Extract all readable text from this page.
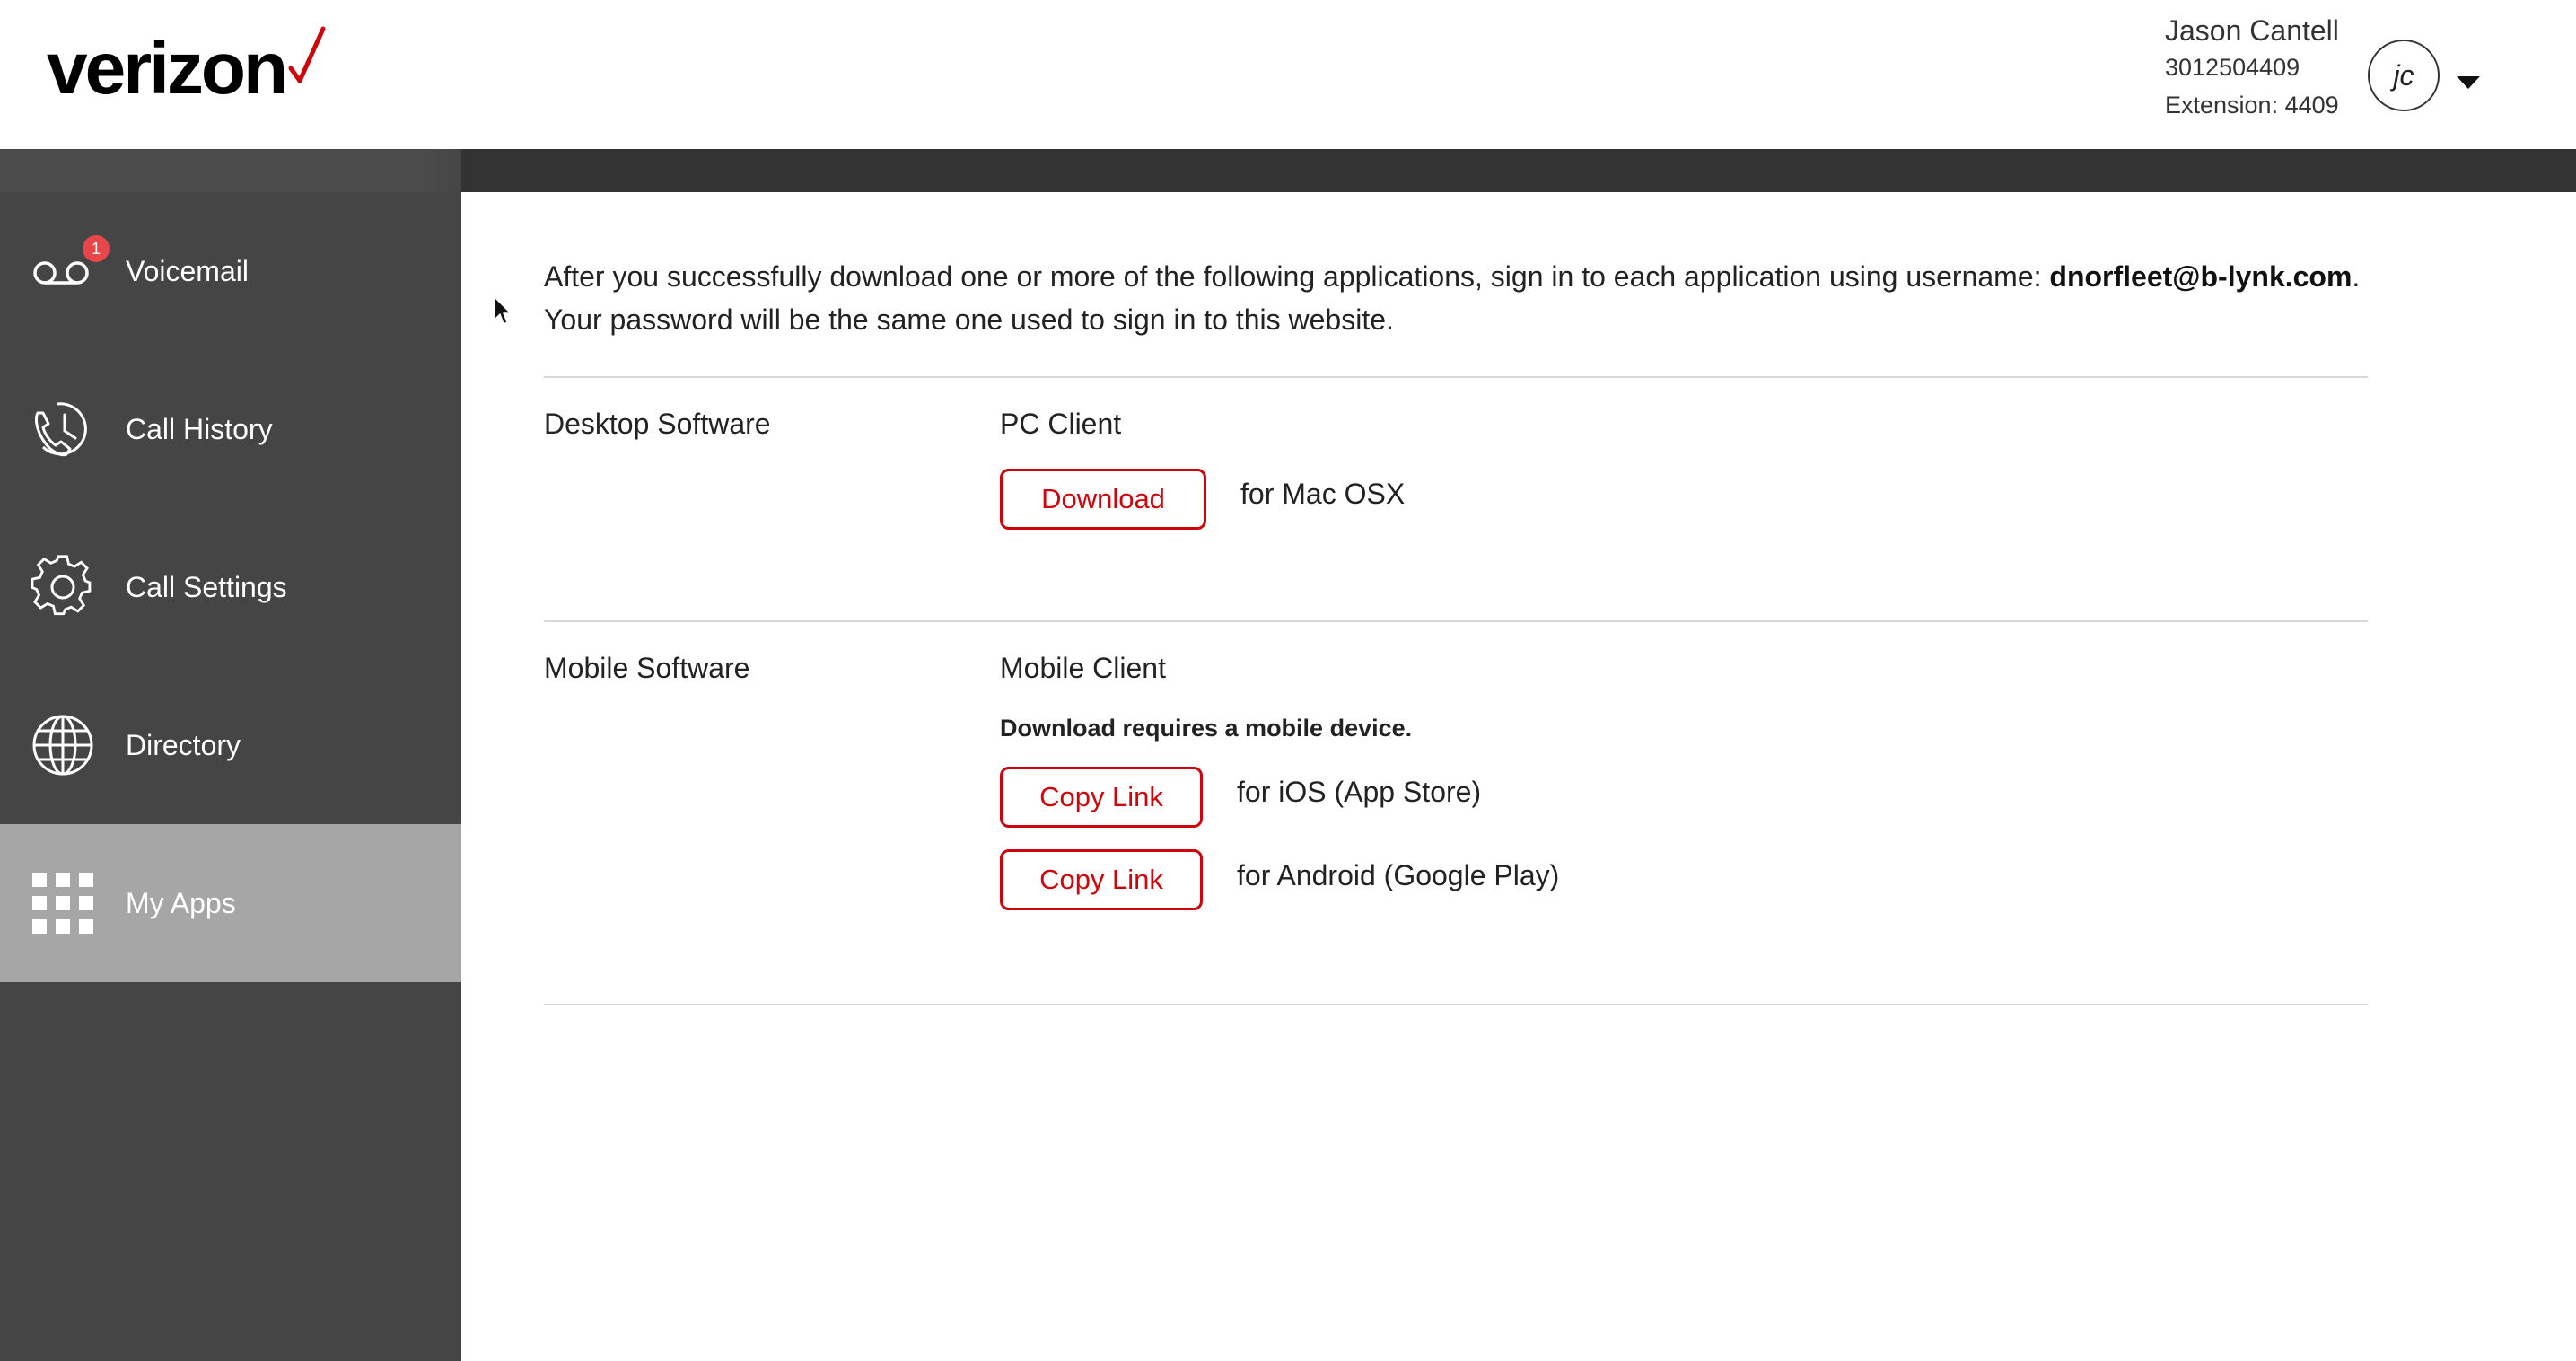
verizon	Jason Cantell
3012504409
Extension: 4409
jc
1
Voicemail
Call History
Call Settings
Directory
My Apps
After you successfully download one or more of the following applications, sign in to each application using username: dnorfleet@b-lynk.com.
Your password will be the same one used to sign in to this website.
Desktop Software	PC Client
Download	for Mac OSX
Mobile Software	Mobile Client
Download requires a mobile device.
Copy Link	for iOS (App Store)
Copy Link	for Android (Google Play)
